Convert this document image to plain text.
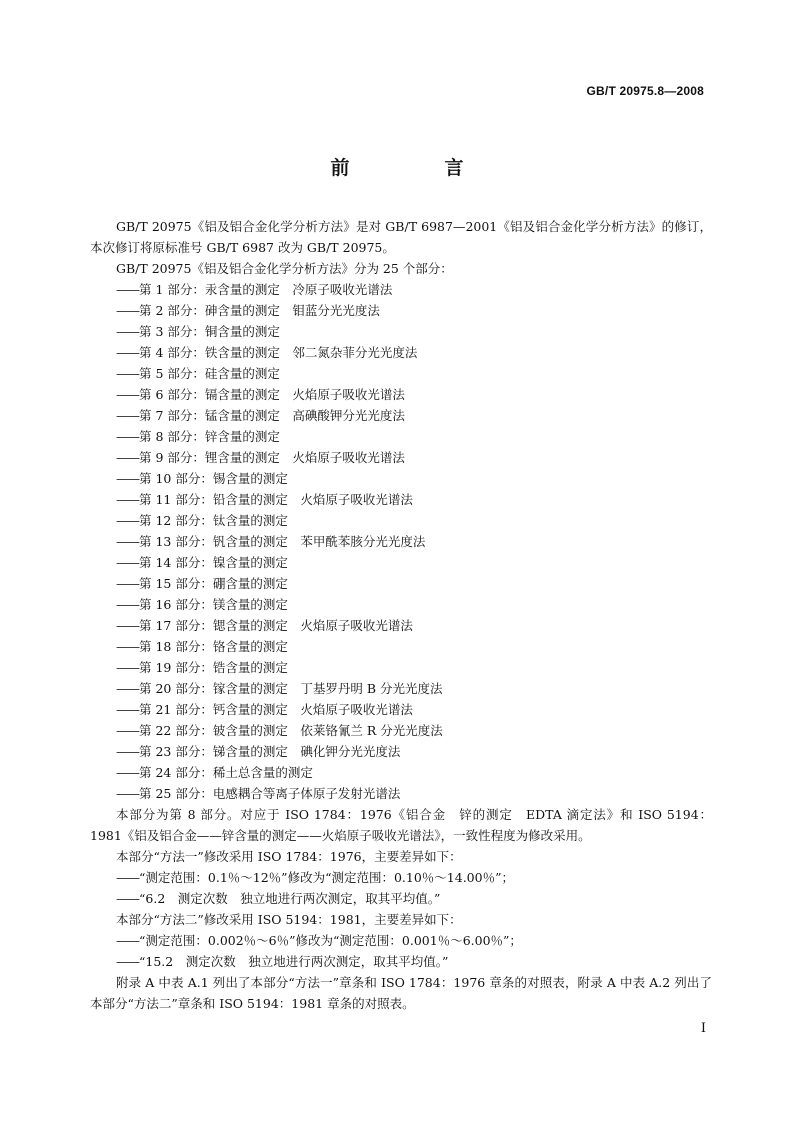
GB/T 20975.8—2008
前　言

GB/T 20975《铝及铝合金化学分析方法》是对 GB/T 6987—2001《铝及铝合金化学分析方法》的修订，本次修订将原标准号 GB/T 6987 改为 GB/T 20975。

GB/T 20975《铝及铝合金化学分析方法》分为 25 个部分：

——第 1 部分：汞含量的测定　冷原子吸收光谱法
——第 2 部分：砷含量的测定　钼蓝分光光度法
——第 3 部分：铜含量的测定
——第 4 部分：铁含量的测定　邻二氮杂菲分光光度法
——第 5 部分：硅含量的测定
——第 6 部分：镉含量的测定　火焰原子吸收光谱法
——第 7 部分：锰含量的测定　高碘酸钾分光光度法
——第 8 部分：锌含量的测定
——第 9 部分：锂含量的测定　火焰原子吸收光谱法
——第 10 部分：锡含量的测定
——第 11 部分：铅含量的测定　火焰原子吸收光谱法
——第 12 部分：钛含量的测定
——第 13 部分：钒含量的测定　苯甲酰苯胲分光光度法
——第 14 部分：镍含量的测定
——第 15 部分：硼含量的测定
——第 16 部分：镁含量的测定
——第 17 部分：锶含量的测定　火焰原子吸收光谱法
——第 18 部分：铬含量的测定
——第 19 部分：锆含量的测定
——第 20 部分：镓含量的测定　丁基罗丹明 B 分光光度法
——第 21 部分：钙含量的测定　火焰原子吸收光谱法
——第 22 部分：铍含量的测定　依莱铬氰兰 R 分光光度法
——第 23 部分：锑含量的测定　碘化钾分光光度法
——第 24 部分：稀土总含量的测定
——第 25 部分：电感耦合等离子体原子发射光谱法

本部分为第 8 部分。对应于 ISO 1784：1976《铝合金　锌的测定　EDTA 滴定法》和 ISO 5194：1981《铝及铝合金——锌含量的测定——火焰原子吸收光谱法》，一致性程度为修改采用。

本部分“方法一”修改采用 ISO 1784：1976，主要差异如下：

——“测定范围：0.1％～12％”修改为“测定范围：0.10％～14.00％”；
——“6.2　测定次数　独立地进行两次测定，取其平均值。”

本部分“方法二”修改采用 ISO 5194：1981，主要差异如下：

——“测定范围：0.002％～6％”修改为“测定范围：0.001％～6.00％”；
——“15.2　测定次数　独立地进行两次测定，取其平均值。”

附录 A 中表 A.1 列出了本部分“方法一”章条和 ISO 1784：1976 章条的对照表，附录 A 中表 A.2 列出了本部分“方法二”章条和 ISO 5194：1981 章条的对照表。

I
